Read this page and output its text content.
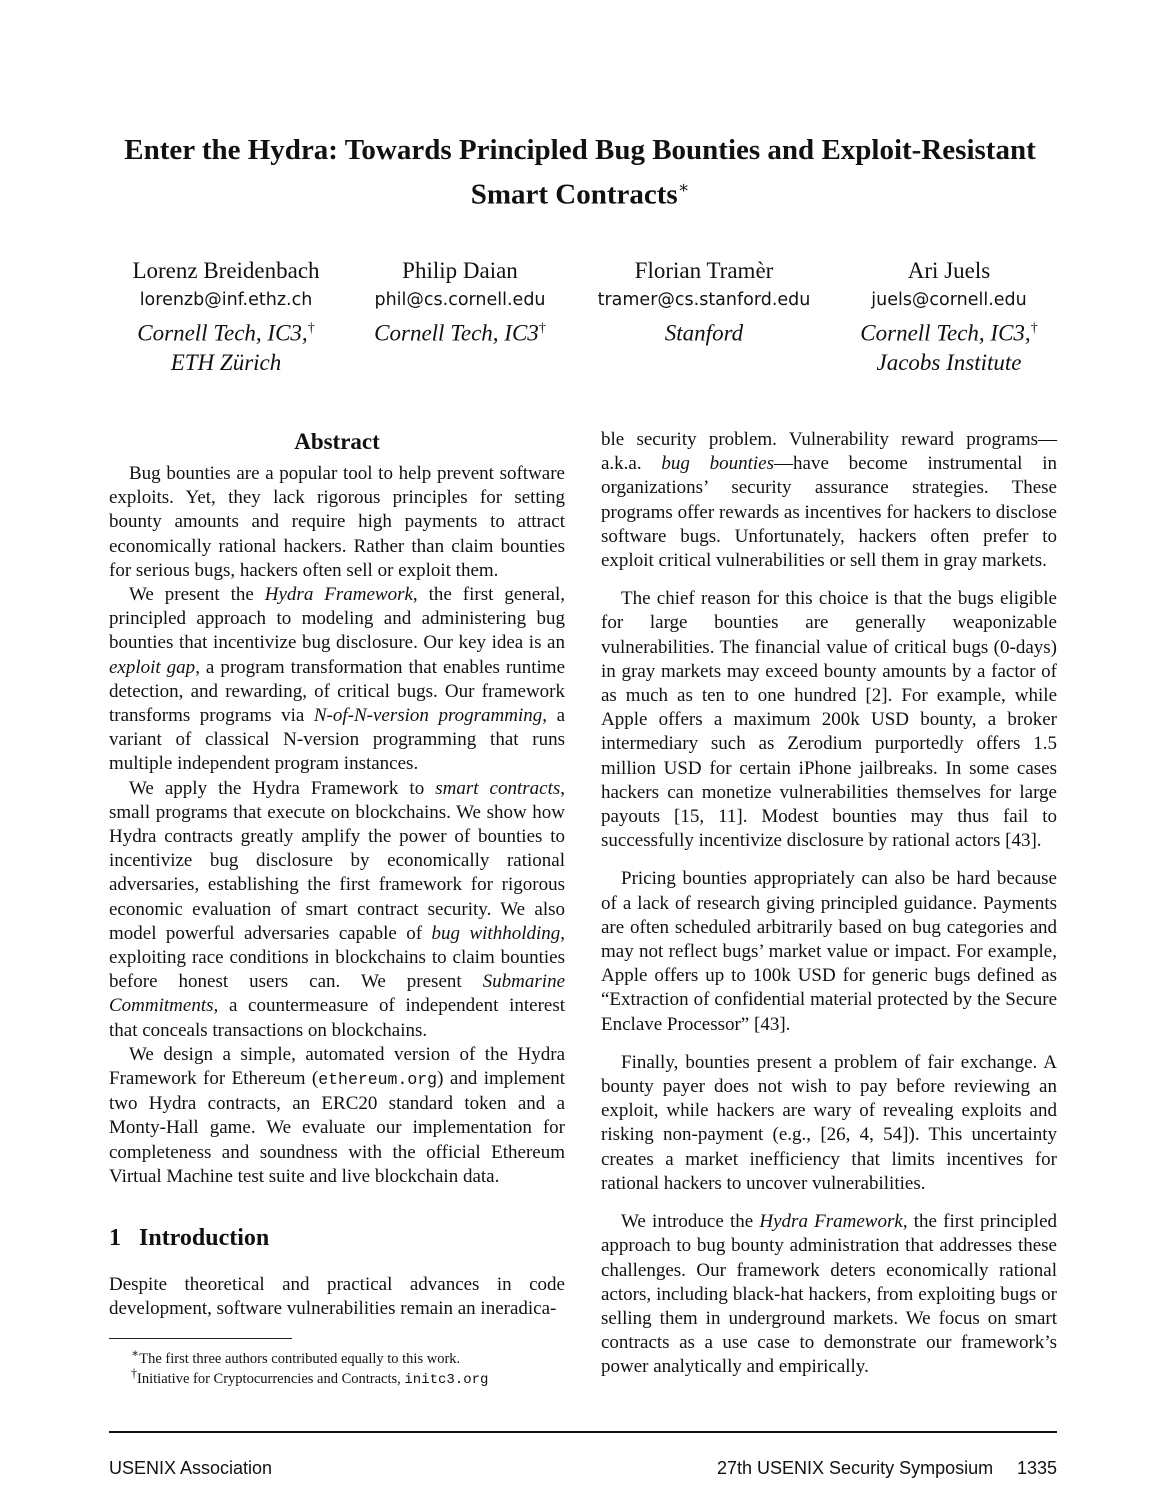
Enter the Hydra: Towards Principled Bug Bounties and Exploit-Resistant
Smart Contracts∗
Lorenz Breidenbach
lorenzb@inf.ethz.ch
Cornell Tech, IC3,†
ETH Zürich
Philip Daian
phil@cs.cornell.edu
Cornell Tech, IC3†
Florian Tramèr
tramer@cs.stanford.edu
Stanford
Ari Juels
juels@cornell.edu
Cornell Tech, IC3,†
Jacobs Institute
Abstract

Bug bounties are a popular tool to help prevent software exploits. Yet, they lack rigorous principles for setting bounty amounts and require high payments to attract economically rational hackers. Rather than claim bounties for serious bugs, hackers often sell or exploit them.

We present the Hydra Framework, the first general, principled approach to modeling and administering bug bounties that incentivize bug disclosure. Our key idea is an exploit gap, a program transformation that enables runtime detection, and rewarding, of critical bugs. Our framework transforms programs via N-of-N-version programming, a variant of classical N-version programming that runs multiple independent program instances.

We apply the Hydra Framework to smart contracts, small programs that execute on blockchains. We show how Hydra contracts greatly amplify the power of bounties to incentivize bug disclosure by economically rational adversaries, establishing the first framework for rigorous economic evaluation of smart contract security. We also model powerful adversaries capable of bug withholding, exploiting race conditions in blockchains to claim bounties before honest users can. We present Submarine Commitments, a countermeasure of independent interest that conceals transactions on blockchains.

We design a simple, automated version of the Hydra Framework for Ethereum (ethereum.org) and implement two Hydra contracts, an ERC20 standard token and a Monty-Hall game. We evaluate our implementation for completeness and soundness with the official Ethereum Virtual Machine test suite and live blockchain data.

1 Introduction

Despite theoretical and practical advances in code development, software vulnerabilities remain an ineradica-

ble security problem. Vulnerability reward programs—a.k.a. bug bounties—have become instrumental in organizations’ security assurance strategies. These programs offer rewards as incentives for hackers to disclose software bugs. Unfortunately, hackers often prefer to exploit critical vulnerabilities or sell them in gray markets.

The chief reason for this choice is that the bugs eligible for large bounties are generally weaponizable vulnerabilities. The financial value of critical bugs (0-days) in gray markets may exceed bounty amounts by a factor of as much as ten to one hundred [2]. For example, while Apple offers a maximum 200k USD bounty, a broker intermediary such as Zerodium purportedly offers 1.5 million USD for certain iPhone jailbreaks. In some cases hackers can monetize vulnerabilities themselves for large payouts [15, 11]. Modest bounties may thus fail to successfully incentivize disclosure by rational actors [43].

Pricing bounties appropriately can also be hard because of a lack of research giving principled guidance. Payments are often scheduled arbitrarily based on bug categories and may not reflect bugs’ market value or impact. For example, Apple offers up to 100k USD for generic bugs defined as “Extraction of confidential material protected by the Secure Enclave Processor” [43].

Finally, bounties present a problem of fair exchange. A bounty payer does not wish to pay before reviewing an exploit, while hackers are wary of revealing exploits and risking non-payment (e.g., [26, 4, 54]). This uncertainty creates a market inefficiency that limits incentives for rational hackers to uncover vulnerabilities.

We introduce the Hydra Framework, the first principled approach to bug bounty administration that addresses these challenges. Our framework deters economically rational actors, including black-hat hackers, from exploiting bugs or selling them in underground markets. We focus on smart contracts as a use case to demonstrate our framework’s power analytically and empirically.

∗The first three authors contributed equally to this work.
†Initiative for Cryptocurrencies and Contracts, initc3.org
USENIX Association	27th USENIX Security Symposium 1335
